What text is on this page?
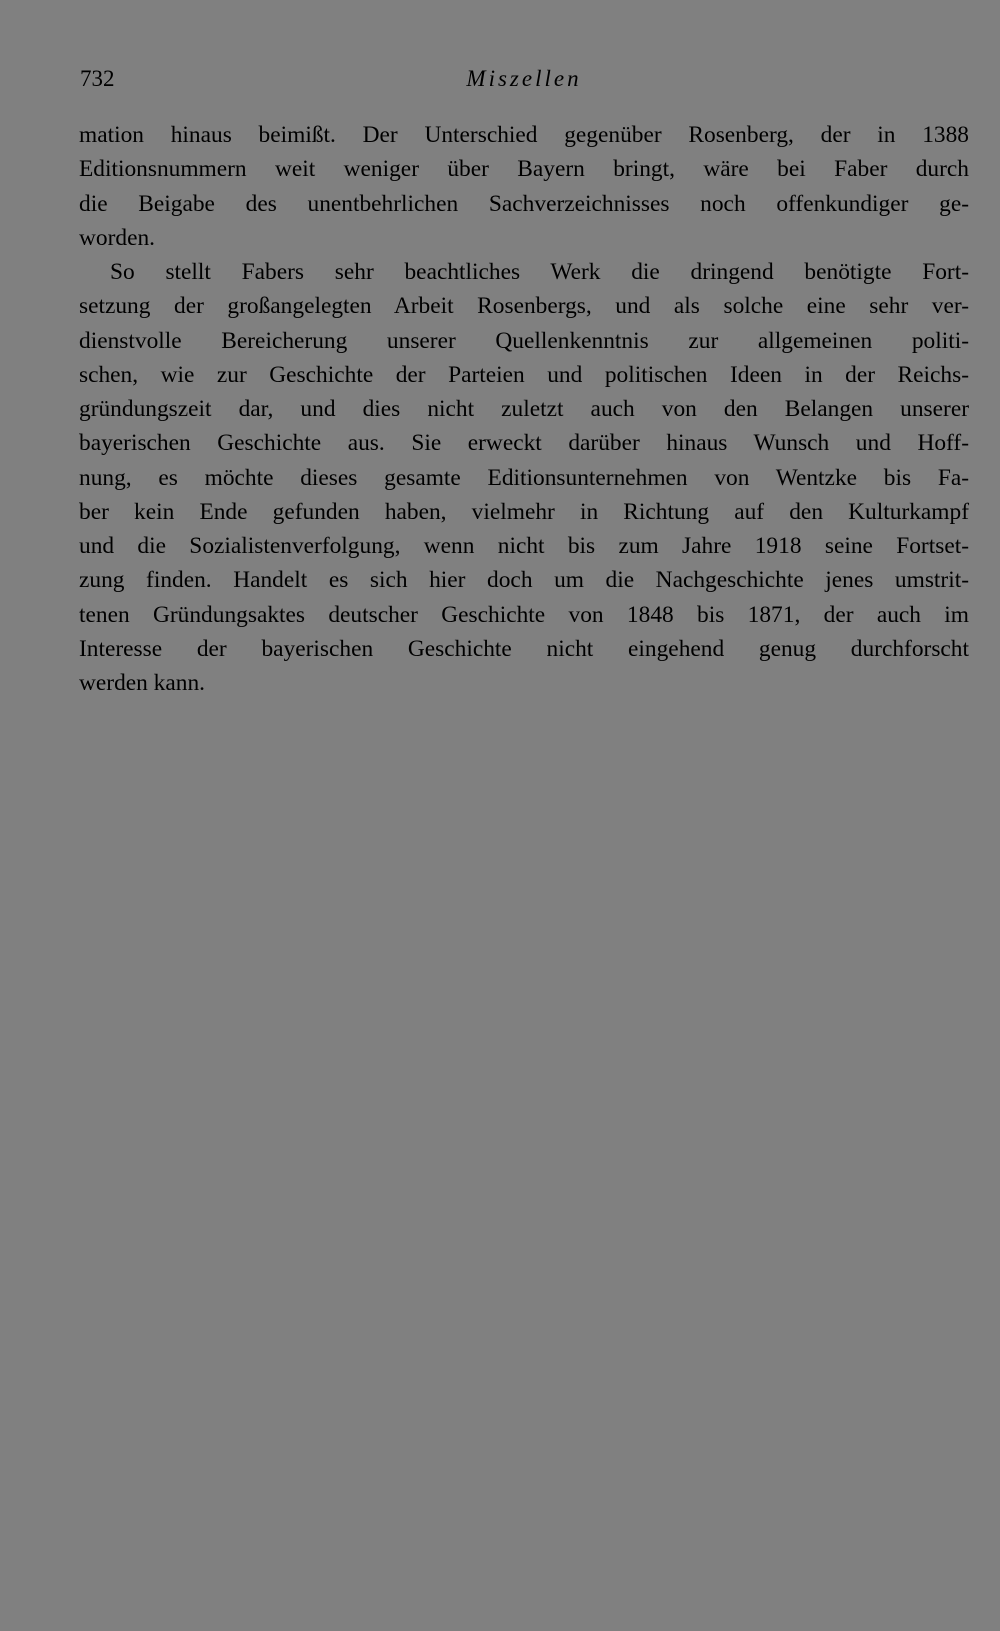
732	Miszellen
mation hinaus beimißt. Der Unterschied gegenüber Rosenberg, der in 1388
Editionsnummern weit weniger über Bayern bringt, wäre bei Faber durch
die Beigabe des unentbehrlichen Sachverzeichnisses noch offenkundiger ge-
worden.
So stellt Fabers sehr beachtliches Werk die dringend benötigte Fort-
setzung der großangelegten Arbeit Rosenbergs, und als solche eine sehr ver-
dienstvolle Bereicherung unserer Quellenkenntnis zur allgemeinen politi-
schen, wie zur Geschichte der Parteien und politischen Ideen in der Reichs-
gründungszeit dar, und dies nicht zuletzt auch von den Belangen unserer
bayerischen Geschichte aus. Sie erweckt darüber hinaus Wunsch und Hoff-
nung, es möchte dieses gesamte Editionsunternehmen von Wentzke bis Fa-
ber kein Ende gefunden haben, vielmehr in Richtung auf den Kulturkampf
und die Sozialistenverfolgung, wenn nicht bis zum Jahre 1918 seine Fortset-
zung finden. Handelt es sich hier doch um die Nachgeschichte jenes umstrit-
tenen Gründungsaktes deutscher Geschichte von 1848 bis 1871, der auch im
Interesse der bayerischen Geschichte nicht eingehend genug durchforscht
werden kann.
